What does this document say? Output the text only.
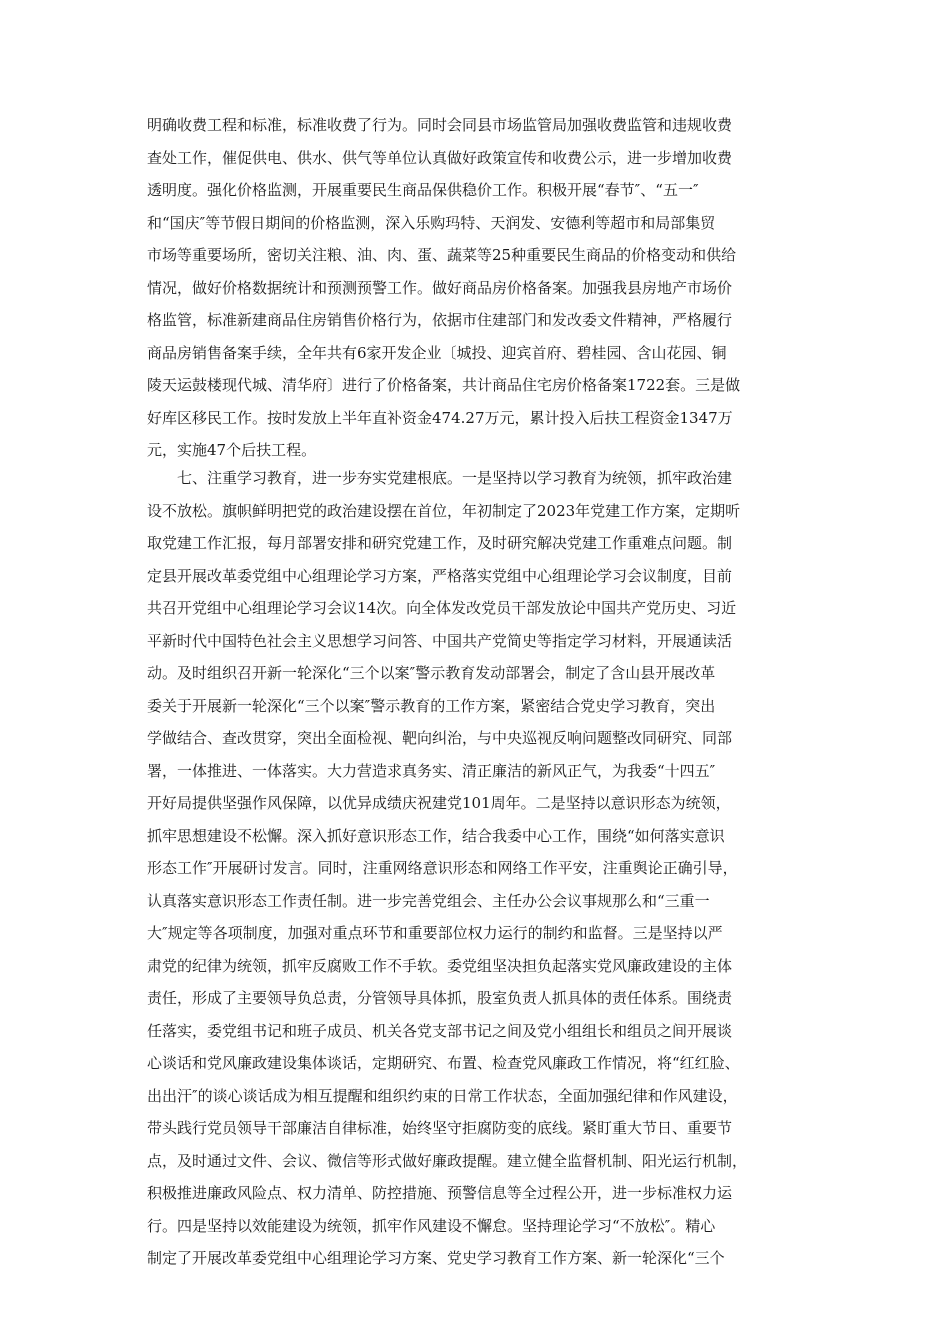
明确收费工程和标准，标准收费了行为。同时会同县市场监管局加强收费监管和违规收费
查处工作，催促供电、供水、供气等单位认真做好政策宣传和收费公示，进一步增加收费
透明度。强化价格监测，开展重要民生商品保供稳价工作。积极开展“春节″、“五一″
和“国庆″等节假日期间的价格监测，深入乐购玛特、天润发、安德利等超市和局部集贸
市场等重要场所，密切关注粮、油、肉、蛋、蔬菜等25种重要民生商品的价格变动和供给
情况，做好价格数据统计和预测预警工作。做好商品房价格备案。加强我县房地产市场价
格监管，标准新建商品住房销售价格行为，依据市住建部门和发改委文件精神，严格履行
商品房销售备案手续，全年共有6家开发企业〔城投、迎宾首府、碧桂园、含山花园、铜
陵天运鼓楼现代城、清华府〕进行了价格备案，共计商品住宅房价格备案1722套。三是做
好库区移民工作。按时发放上半年直补资金474.27万元，累计投入后扶工程资金1347万
元，实施47个后扶工程。
　　七、注重学习教育，进一步夯实党建根底。一是坚持以学习教育为统领，抓牢政治建
设不放松。旗帜鲜明把党的政治建设摆在首位，年初制定了2023年党建工作方案，定期听
取党建工作汇报，每月部署安排和研究党建工作，及时研究解决党建工作重难点问题。制
定县开展改革委党组中心组理论学习方案，严格落实党组中心组理论学习会议制度，目前
共召开党组中心组理论学习会议14次。向全体发改党员干部发放论中国共产党历史、习近
平新时代中国特色社会主义思想学习问答、中国共产党简史等指定学习材料，开展通读活
动。及时组织召开新一轮深化“三个以案″警示教育发动部署会，制定了含山县开展改革
委关于开展新一轮深化“三个以案″警示教育的工作方案，紧密结合党史学习教育，突出
学做结合、查改贯穿，突出全面检视、靶向纠治，与中央巡视反响问题整改同研究、同部
署，一体推进、一体落实。大力营造求真务实、清正廉洁的新风正气，为我委“十四五″
开好局提供坚强作风保障，以优异成绩庆祝建党101周年。二是坚持以意识形态为统领，
抓牢思想建设不松懈。深入抓好意识形态工作，结合我委中心工作，围绕“如何落实意识
形态工作″开展研讨发言。同时，注重网络意识形态和网络工作平安，注重舆论正确引导，
认真落实意识形态工作责任制。进一步完善党组会、主任办公会议事规那么和“三重一
大″规定等各项制度，加强对重点环节和重要部位权力运行的制约和监督。三是坚持以严
肃党的纪律为统领，抓牢反腐败工作不手软。委党组坚决担负起落实党风廉政建设的主体
责任，形成了主要领导负总责，分管领导具体抓，股室负责人抓具体的责任体系。围绕责
任落实，委党组书记和班子成员、机关各党支部书记之间及党小组组长和组员之间开展谈
心谈话和党风廉政建设集体谈话，定期研究、布置、检查党风廉政工作情况，将“红红脸、
出出汗″的谈心谈话成为相互提醒和组织约束的日常工作状态，全面加强纪律和作风建设，
带头践行党员领导干部廉洁自律标准，始终坚守拒腐防变的底线。紧盯重大节日、重要节
点，及时通过文件、会议、微信等形式做好廉政提醒。建立健全监督机制、阳光运行机制，
积极推进廉政风险点、权力清单、防控措施、预警信息等全过程公开，进一步标准权力运
行。四是坚持以效能建设为统领，抓牢作风建设不懈怠。坚持理论学习“不放松″。精心
制定了开展改革委党组中心组理论学习方案、党史学习教育工作方案、新一轮深化“三个
